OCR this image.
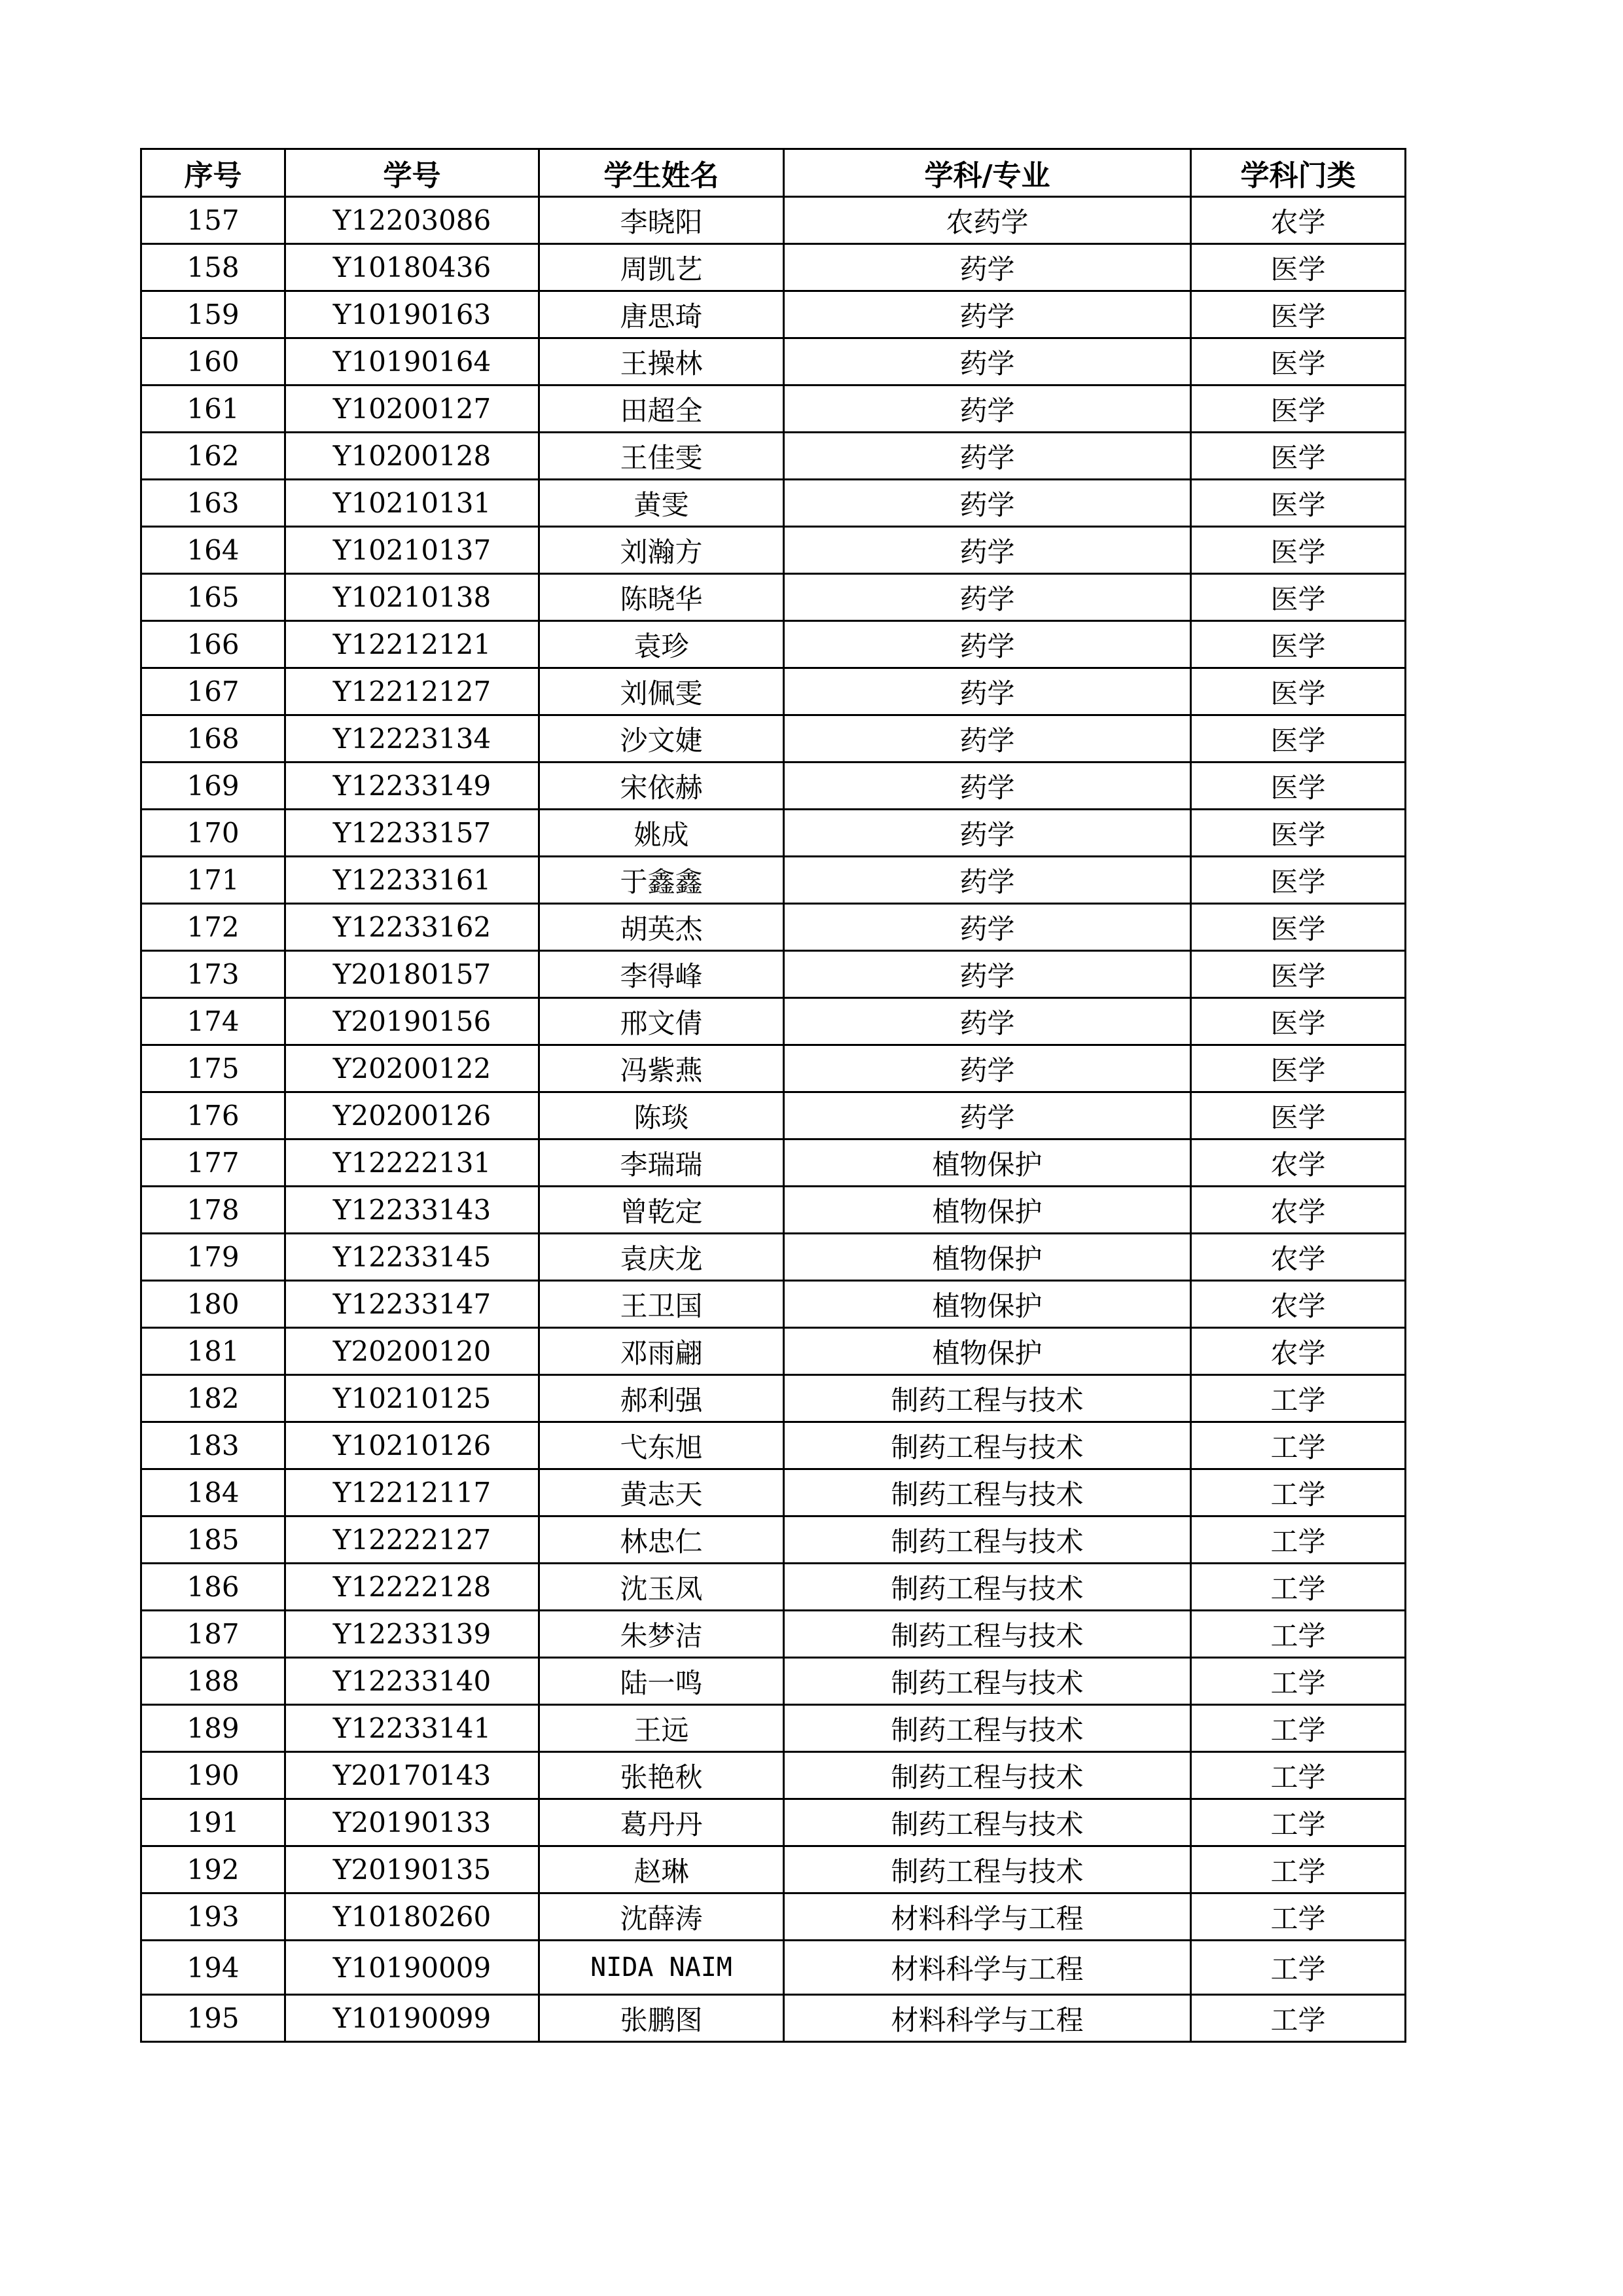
序号	学号	学生姓名	学科/专业	学科门类
157	Y12203086	李晓阳	农药学	农学
158	Y10180436	周凯艺	药学	医学
159	Y10190163	唐思琦	药学	医学
160	Y10190164	王操林	药学	医学
161	Y10200127	田超全	药学	医学
162	Y10200128	王佳雯	药学	医学
163	Y10210131	黄雯	药学	医学
164	Y10210137	刘瀚方	药学	医学
165	Y10210138	陈晓华	药学	医学
166	Y12212121	袁珍	药学	医学
167	Y12212127	刘佩雯	药学	医学
168	Y12223134	沙文婕	药学	医学
169	Y12233149	宋依赫	药学	医学
170	Y12233157	姚成	药学	医学
171	Y12233161	于鑫鑫	药学	医学
172	Y12233162	胡英杰	药学	医学
173	Y20180157	李得峰	药学	医学
174	Y20190156	邢文倩	药学	医学
175	Y20200122	冯紫燕	药学	医学
176	Y20200126	陈琰	药学	医学
177	Y12222131	李瑞瑞	植物保护	农学
178	Y12233143	曾乾定	植物保护	农学
179	Y12233145	袁庆龙	植物保护	农学
180	Y12233147	王卫国	植物保护	农学
181	Y20200120	邓雨翩	植物保护	农学
182	Y10210125	郝利强	制药工程与技术	工学
183	Y10210126	弋东旭	制药工程与技术	工学
184	Y12212117	黄志天	制药工程与技术	工学
185	Y12222127	林忠仁	制药工程与技术	工学
186	Y12222128	沈玉凤	制药工程与技术	工学
187	Y12233139	朱梦洁	制药工程与技术	工学
188	Y12233140	陆一鸣	制药工程与技术	工学
189	Y12233141	王远	制药工程与技术	工学
190	Y20170143	张艳秋	制药工程与技术	工学
191	Y20190133	葛丹丹	制药工程与技术	工学
192	Y20190135	赵琳	制药工程与技术	工学
193	Y10180260	沈薛涛	材料科学与工程	工学
194	Y10190009	NIDA NAIM	材料科学与工程	工学
195	Y10190099	张鹏图	材料科学与工程	工学
